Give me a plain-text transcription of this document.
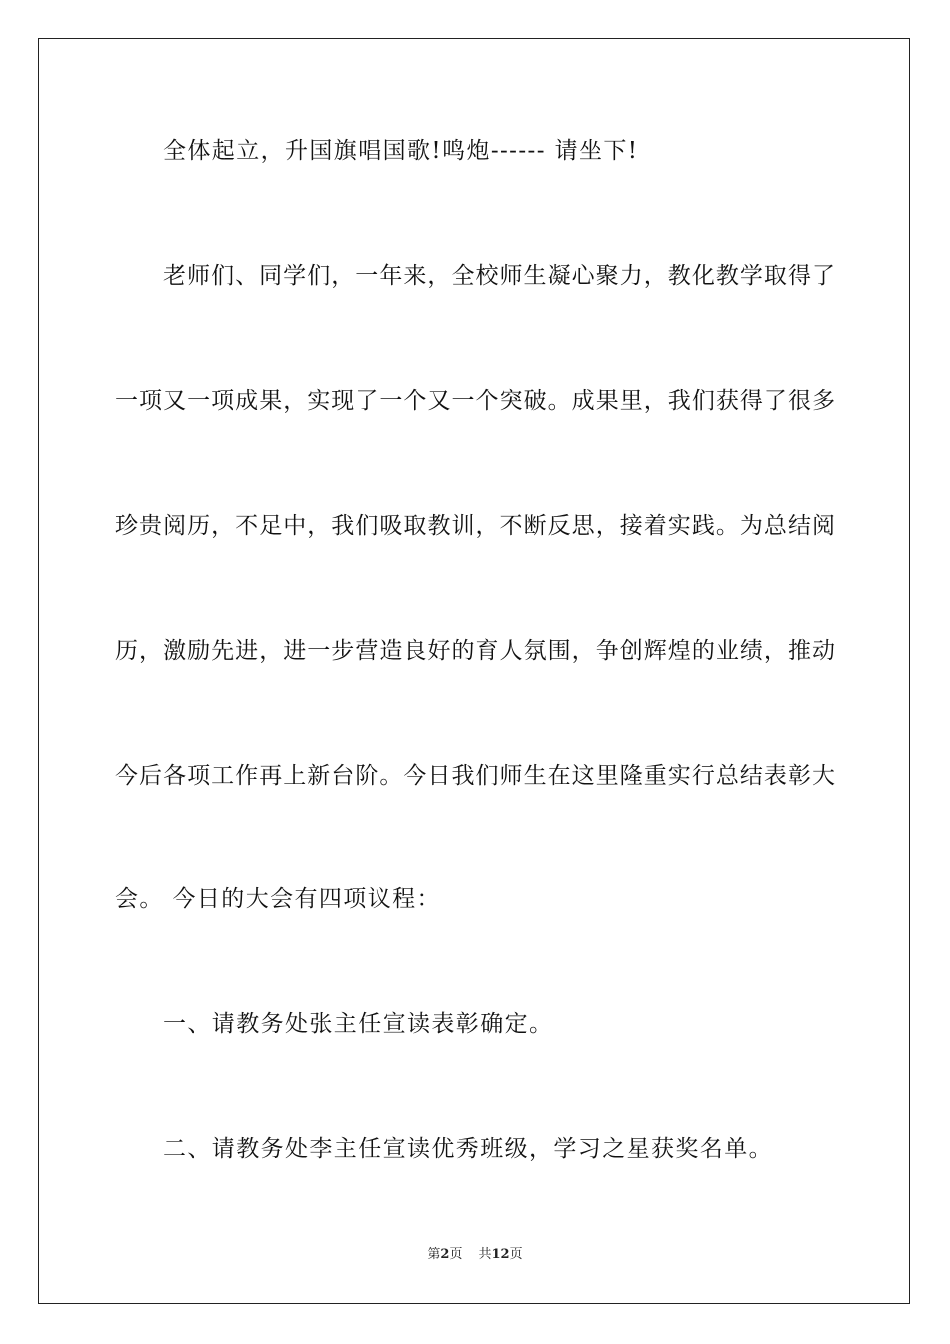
全体起立，升国旗唱国歌!鸣炮------ 请坐下!
老师们、同学们，一年来，全校师生凝心聚力，教化教学取得了
一项又一项成果，实现了一个又一个突破。成果里，我们获得了很多
珍贵阅历，不足中，我们吸取教训，不断反思，接着实践。为总结阅
历，激励先进，进一步营造良好的育人氛围，争创辉煌的业绩，推动
今后各项工作再上新台阶。今日我们师生在这里隆重实行总结表彰大
会。 今日的大会有四项议程：
一、请教务处张主任宣读表彰确定。
二、请教务处李主任宣读优秀班级，学习之星获奖名单。
第2页 共12页
